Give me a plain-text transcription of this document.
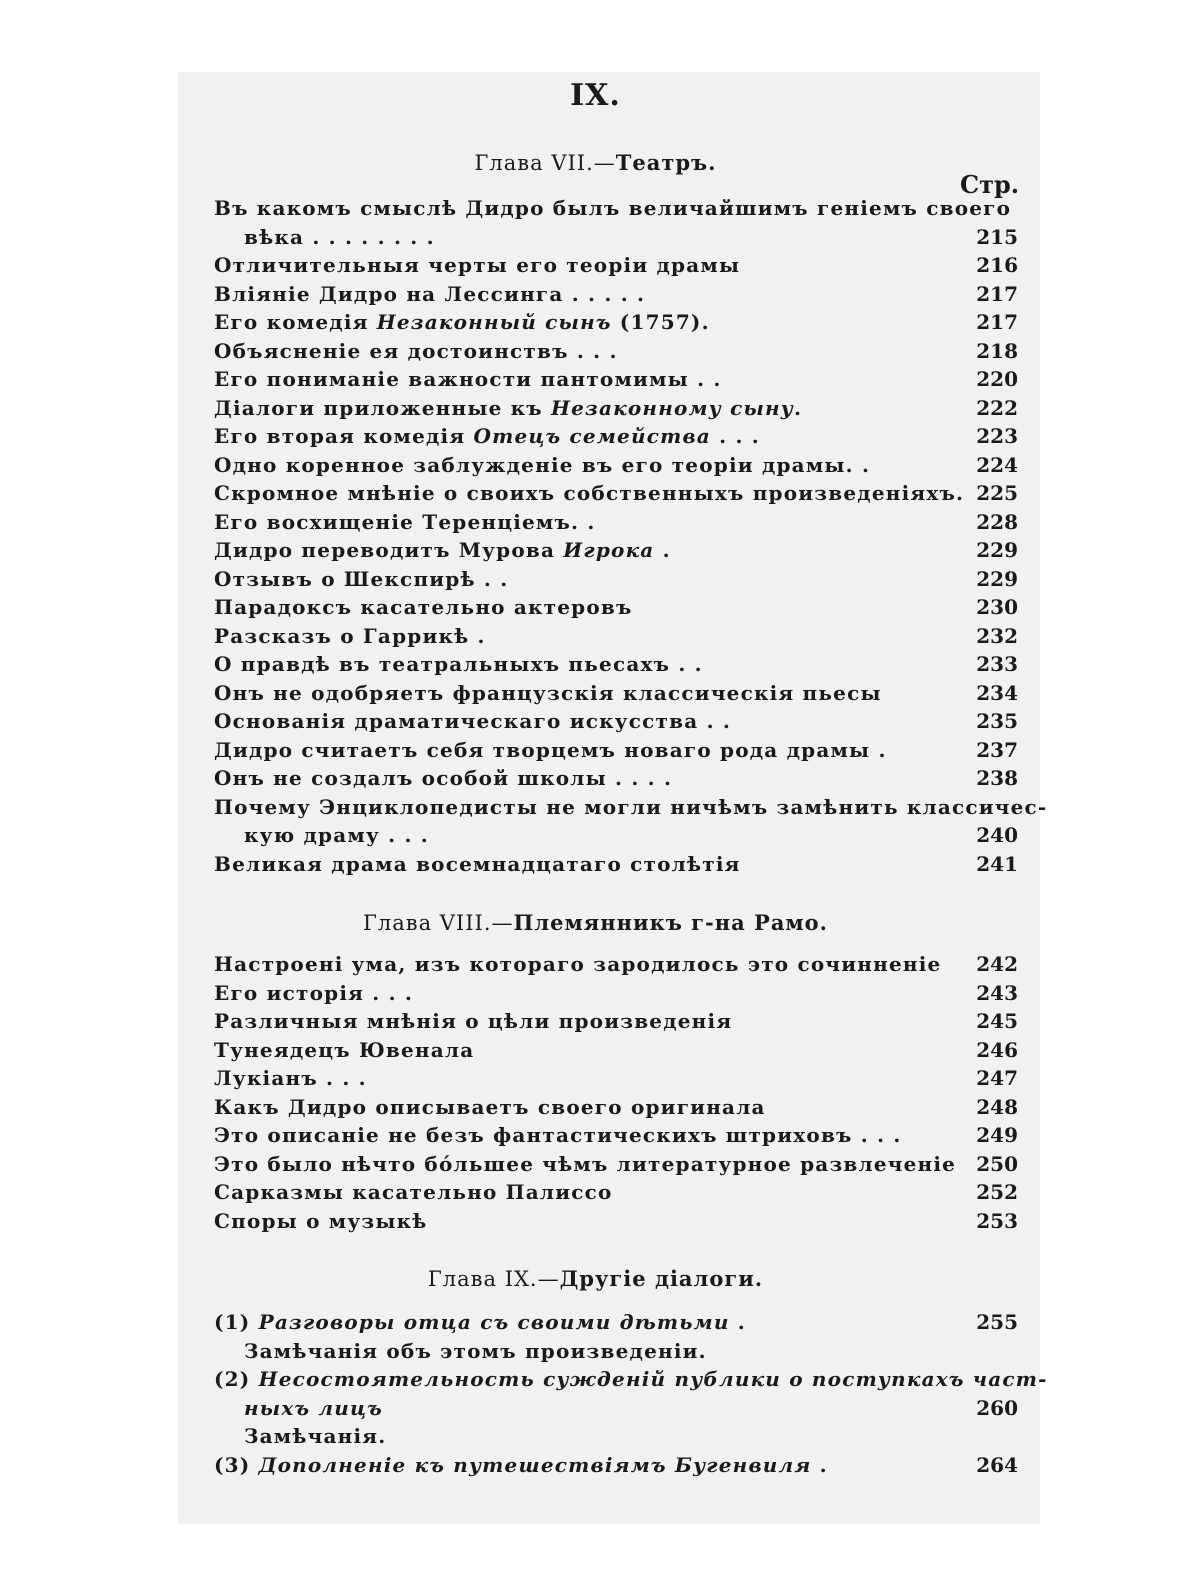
IX.
Глава VII.—Театръ.
Стр.
Въ какомъ смыслѣ Дидро былъ величайшимъ геніемъ своего
вѣка . . . . . . . .	215
Отличительныя черты его теоріи драмы	216
Вліяніе Дидро на Лессинга . . . . .	217
Его комедія Незаконный сынъ (1757).	217
Объясненіе ея достоинствъ . . .	218
Его пониманіе важности пантомимы . .	220
Діалоги приложенные къ Незаконному сыну.	222
Его вторая комедія Отецъ семейства . . .	223
Одно коренное заблужденіе въ его теоріи драмы. .	224
Скромное мнѣніе о своихъ собственныхъ произведеніяхъ. 225
Его восхищеніе Теренціемъ. .	228
Дидро переводитъ Мурова Игрока .	229
Отзывъ о Шекспирѣ . .	229
Парадоксъ касательно актеровъ	230
Разсказъ о Гаррикѣ .	232
О правдѣ въ театральныхъ пьесахъ . .	233
Онъ не одобряетъ французскія классическія пьесы	234
Основанія драматическаго искусства . .	235
Дидро считаетъ себя творцемъ новаго рода драмы .	237
Онъ не создалъ особой школы . . . .	238
Почему Энциклопедисты не могли ничѣмъ замѣнить классичес-
кую драму . . .	240
Великая драма восемнадцатаго столѣтія	241
Глава VIII.—Племянникъ г-на Рамо.
Настроені ума, изъ котораго зародилось это сочинненіе 242
Его исторія . . .	243
Различныя мнѣнія о цѣли произведенія	245
Тунеядецъ Ювенала	246
Лукіанъ . . .	247
Какъ Дидро описываетъ своего оригинала	248
Это описаніе не безъ фантастическихъ штриховъ . . .	249
Это было нѣчто бóльшее чѣмъ литературное развлеченіе 250
Сарказмы касательно Палиссо	252
Споры о музыкѣ	253
Глава IX.—Другіе діалоги.
(1) Разговоры отца съ своими дѣтьми .	255
Замѣчанія объ этомъ произведеніи.
(2) Несостоятельность сужденій публики о поступкахъ част-
ныхъ лицъ	260
Замѣчанія.
(3) Дополненіе къ путешествіямъ Бугенвиля .	264
